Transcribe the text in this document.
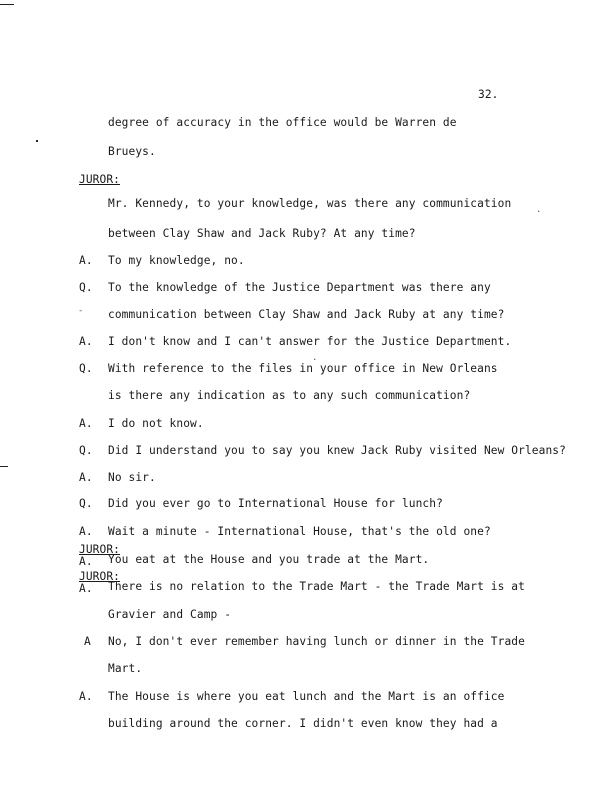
-
.
.
32.
degree of accuracy in the office would be Warren de
Brueys.
JUROR:
Mr. Kennedy, to your knowledge, was there any communication
between Clay Shaw and Jack Ruby? At any time?
A. To my knowledge, no.
Q. To the knowledge of the Justice Department was there any
communication between Clay Shaw and Jack Ruby at any time?
A. I don't know and I can't answer for the Justice Department.
Q. With reference to the files in your office in New Orleans
is there any indication as to any such communication?
A. I do not know.
Q. Did I understand you to say you knew Jack Ruby visited New Orleans?
A. No sir.
Q. Did you ever go to International House for lunch?
A. Wait a minute - International House, that's the old one?
JUROR:
A. You eat at the House and you trade at the Mart.
JUROR:
A. There is no relation to the Trade Mart - the Trade Mart is at
Gravier and Camp -
A No, I don't ever remember having lunch or dinner in the Trade
Mart.
A. The House is where you eat lunch and the Mart is an office
building around the corner. I didn't even know they had a
